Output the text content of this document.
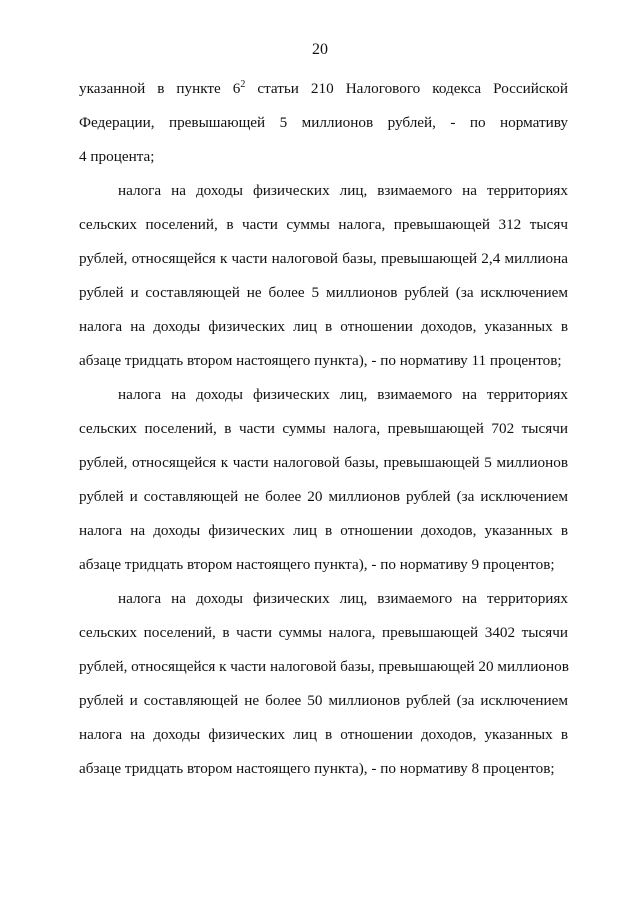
20
указанной в пункте $6^2$ статьи 210 Налогового кодекса Российской
Федерации, превышающей 5 миллионов рублей, - по нормативу
4 процента;
налога на доходы физических лиц, взимаемого на территориях
сельских поселений, в части суммы налога, превышающей 312 тысяч
рублей, относящейся к части налоговой базы, превышающей 2,4 миллиона
рублей и составляющей не более 5 миллионов рублей (за исключением
налога на доходы физических лиц в отношении доходов, указанных в
абзаце тридцать втором настоящего пункта), - по нормативу 11 процентов;
налога на доходы физических лиц, взимаемого на территориях
сельских поселений, в части суммы налога, превышающей 702 тысячи
рублей, относящейся к части налоговой базы, превышающей 5 миллионов
рублей и составляющей не более 20 миллионов рублей (за исключением
налога на доходы физических лиц в отношении доходов, указанных в
абзаце тридцать втором настоящего пункта), - по нормативу 9 процентов;
налога на доходы физических лиц, взимаемого на территориях
сельских поселений, в части суммы налога, превышающей 3402 тысячи
рублей, относящейся к части налоговой базы, превышающей 20 миллионов
рублей и составляющей не более 50 миллионов рублей (за исключением
налога на доходы физических лиц в отношении доходов, указанных в
абзаце тридцать втором настоящего пункта), - по нормативу 8 процентов;
